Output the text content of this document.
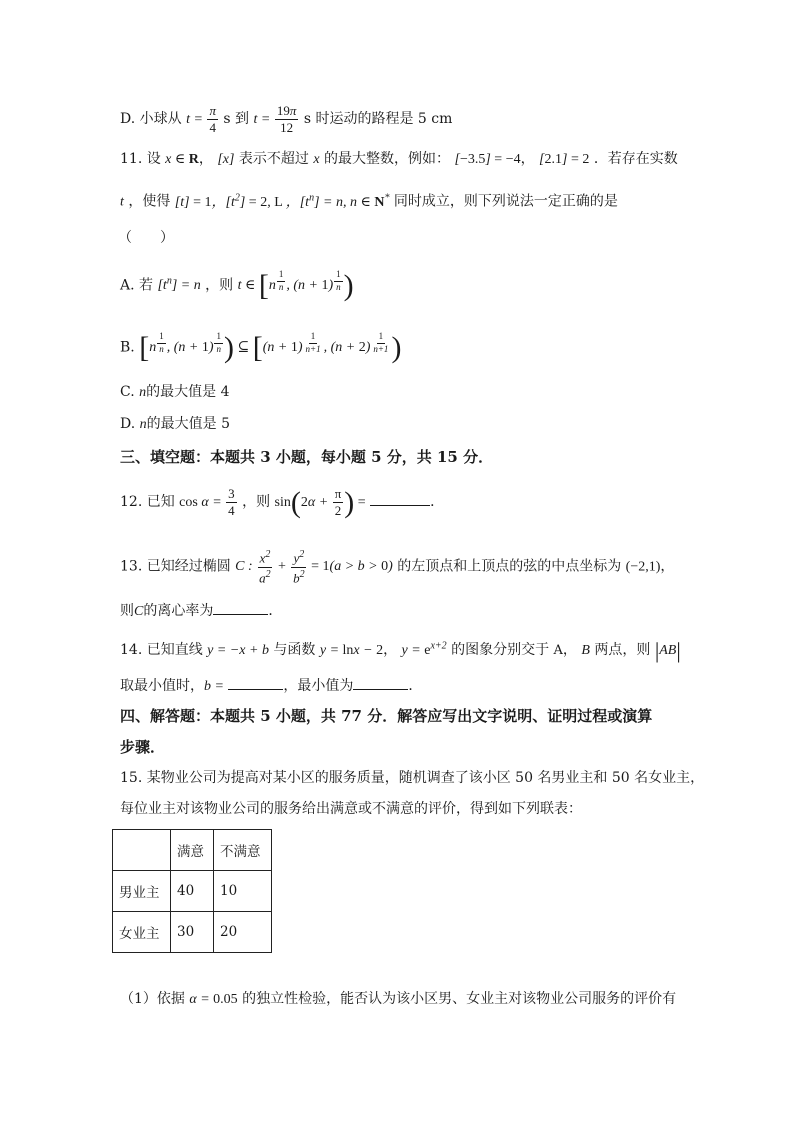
D. 小球从 $t = \frac{\pi}{4}$ s 到 $t = \frac{19\pi}{12}$ s 时运动的路程是 5 cm
11. 设 x ∈ R， [x] 表示不超过 x 的最大整数，例如： [−3.5] = −4， [2.1] = 2 ．若存在实数
t ，使得 [t] = 1，$[t^2] = 2$, L ，$[t^n] = n$, n ∈ N* 同时成立，则下列说法一定正确的是
（　　）
A. 若 $[t^n] = n$ ，则 t ∈ [n $^{\frac{1}{n}}$ , (n + 1) $^{\frac{1}{n}}$ )
B. [n $^{\frac{1}{n}}$ , (n + 1) $^{\frac{1}{n}}$ ) ⊆ [(n + 1) $^{\frac{1}{n+1}}$ , (n + 2) $^{\frac{1}{n+1}}$ )
C. n的最大值是 4
D. n的最大值是 5
三、填空题：本题共 3 小题，每小题 5 分，共 15 分．
12. 已知 $\cos \alpha = \frac{3}{4}$ ，则 $\sin(2\alpha + \frac{\pi}{2}$ ) =	．
13. 已知经过椭圆 C : $\frac{x^2}{a^2} + \frac{y^2}{b^2} = 1(a > b > 0)$ 的左顶点和上顶点的弦的中点坐标为 (−2,1)，
则C的离心率为	．
14. 已知直线 y = −x + b 与函数 y = lnx − 2， $y = e^{x+2}$ 的图象分别交于 A， B 两点，则 |AB|
取最小值时，b =	，最小值为	．
四、解答题：本题共 5 小题，共 77 分．解答应写出文字说明、证明过程或演算
步骤．
15. 某物业公司为提高对某小区的服务质量，随机调查了该小区 50 名男业主和 50 名女业主，
每位业主对该物业公司的服务给出满意或不满意的评价，得到如下列联表：
	满意	不满意
男业主	40	10
女业主	30	20
（1）依据 α = 0.05 的独立性检验，能否认为该小区男、女业主对该物业公司服务的评价有
